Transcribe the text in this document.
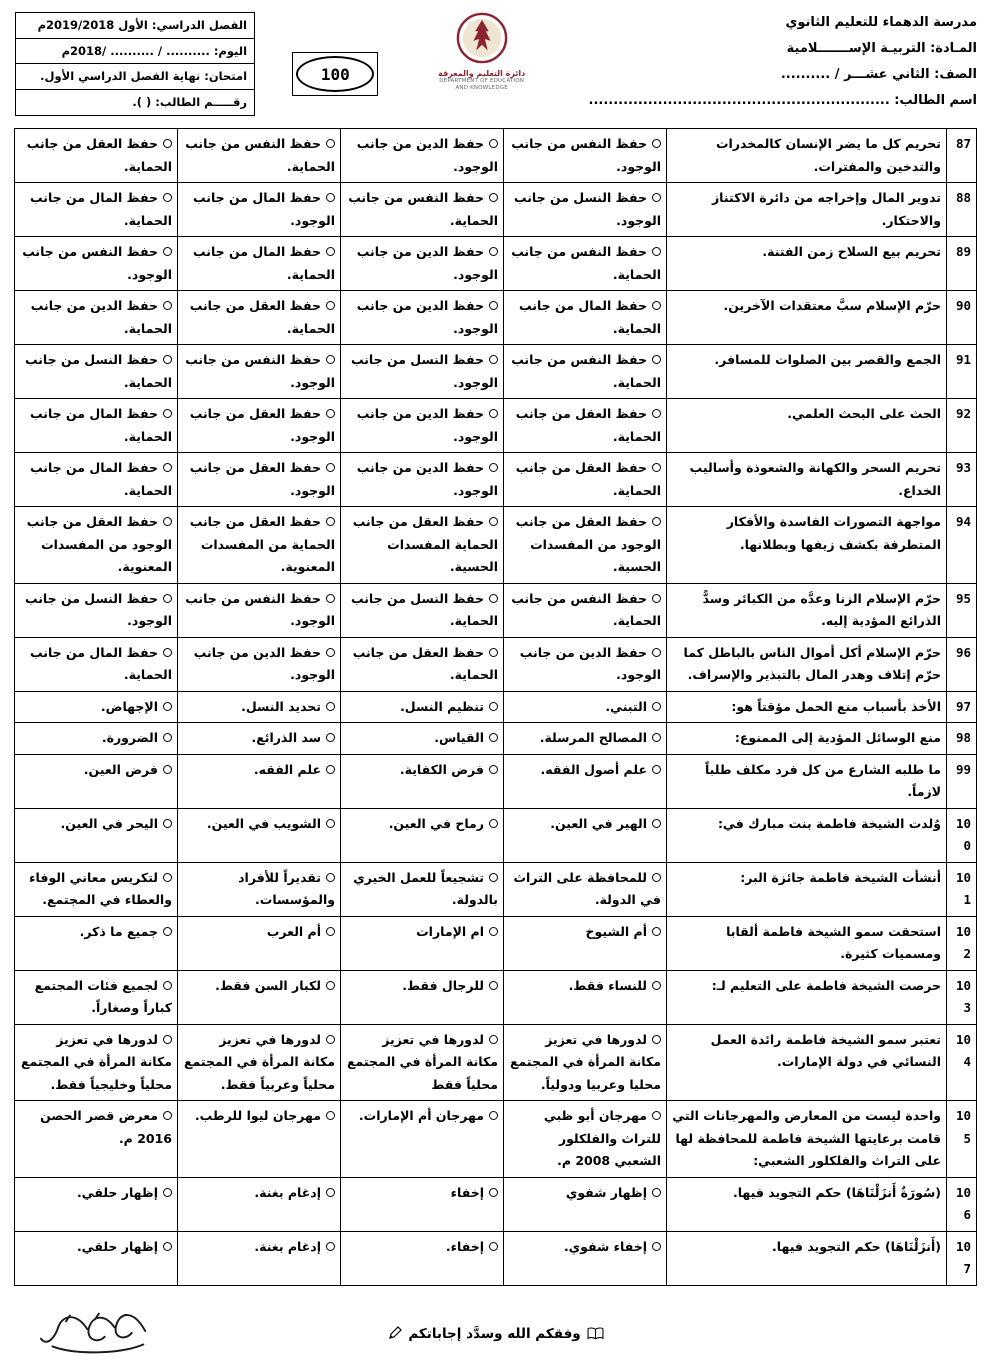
مدرسة الدهماء للتعليم الثانوي
المـادة: التربيـة الإســـــــلامية
الصف: الثاني عشـــر / ..........
اسم الطالب: .............................................................
دائرة التعليم والمعرفة
DEPARTMENT OF EDUCATION
AND KNOWLEDGE
100
الفصل الدراسي: الأول 2019/2018م
اليوم: .......... / .......... /2018م
امتحان: نهاية الفصل الدراسي الأول.
رقـــــم الطالب: ( ).
87	تحريم كل ما يضر الإنسان كالمخدرات والتدخين والمفترات.	حفظ النفس من جانب الوجود.	حفظ الدين من جانب الوجود.	حفظ النفس من جانب الحماية.	حفظ العقل من جانب الحماية.
88	تدوير المال وإخراجه من دائرة الاكتناز والاحتكار.	حفظ النسل من جانب الوجود.	حفظ النفس من جانب الحماية.	حفظ المال من جانب الوجود.	حفظ المال من جانب الحماية.
89	تحريم بيع السلاح زمن الفتنة.	حفظ النفس من جانب الحماية.	حفظ الدين من جانب الوجود.	حفظ المال من جانب الحماية.	حفظ النفس من جانب الوجود.
90	حرّم الإسلام سبَّ معتقدات الآخرين.	حفظ المال من جانب الحماية.	حفظ الدين من جانب الوجود.	حفظ العقل من جانب الحماية.	حفظ الدين من جانب الحماية.
91	الجمع والقصر بين الصلوات للمسافر.	حفظ النفس من جانب الحماية.	حفظ النسل من جانب الوجود.	حفظ النفس من جانب الوجود.	حفظ النسل من جانب الحماية.
92	الحث على البحث العلمي.	حفظ العقل من جانب الحماية.	حفظ الدين من جانب الوجود.	حفظ العقل من جانب الوجود.	حفظ المال من جانب الحماية.
93	تحريم السحر والكهانة والشعوذة وأساليب الخداع.	حفظ العقل من جانب الحماية.	حفظ الدين من جانب الوجود.	حفظ العقل من جانب الوجود.	حفظ المال من جانب الحماية.
94	مواجهة التصورات الفاسدة والأفكار المتطرفة بكشف زيفها وبطلانها.	حفظ العقل من جانب الوجود من المفسدات الحسية.	حفظ العقل من جانب الحماية المفسدات الحسية.	حفظ العقل من جانب الحماية من المفسدات المعنوية.	حفظ العقل من جانب الوجود من المفسدات المعنوية.
95	حرّم الإسلام الزنا وعدَّه من الكبائر وسدًّ الذرائع المؤدية إليه.	حفظ النفس من جانب الحماية.	حفظ النسل من جانب الحماية.	حفظ النفس من جانب الوجود.	حفظ النسل من جانب الوجود.
96	حرّم الإسلام أكل أموال الناس بالباطل كما حرّم إتلاف وهدر المال بالتبذير والإسراف.	حفظ الدين من جانب الوجود.	حفظ العقل من جانب الحماية.	حفظ الدين من جانب الوجود.	حفظ المال من جانب الحماية.
97	الأخذ بأسباب منع الحمل مؤقتاً هو:	التبني.	تنظيم النسل.	تحديد النسل.	الإجهاض.
98	منع الوسائل المؤدية إلى الممنوع:	المصالح المرسلة.	القياس.	سد الذرائع.	الضرورة.
99	ما طلبه الشارع من كل فرد مكلف طلباً لازماً.	علم أصول الفقه.	فرض الكفاية.	علم الفقه.	فرض العين.
100	وُلدت الشيخة فاطمة بنت مبارك في:	الهير في العين.	رماح في العين.	الشويب في العين.	اليحر في العين.
101	أنشأت الشيخة فاطمة جائزة البر:	للمحافظة على التراث في الدولة.	تشجيعاً للعمل الخيري بالدولة.	تقديراً للأفراد والمؤسسات.	لتكريس معاني الوفاء والعطاء في المجتمع.
102	استحقت سمو الشيخة فاطمة ألقابا ومسميات كثيرة.	أم الشيوخ	ام الإمارات	أم العرب	جميع ما ذكر.
103	حرصت الشيخة فاطمة على التعليم لـ:	للنساء فقط.	للرجال فقط.	لكبار السن فقط.	لجميع فئات المجتمع كباراً وصغاراً.
104	تعتبر سمو الشيخة فاطمة رائدة العمل النسائي في دولة الإمارات.	لدورها في تعزيز مكانة المرأة في المجتمع محليا وعربيا ودولياً.	لدورها في تعزيز مكانة المرأة في المجتمع محلياً فقط	لدورها في تعزيز مكانة المرأة في المجتمع محلياً وعربياً فقط.	لدورها في تعزيز مكانة المرأة في المجتمع محلياً وخليجياً فقط.
105	واحدة ليست من المعارض والمهرجانات التي قامت برعايتها الشيخة فاطمة للمحافظة لها على التراث والفلكلور الشعبي:	مهرجان أبو ظبي للتراث والفلكلور الشعبي 2008 م.	مهرجان أم الإمارات.	مهرجان ليوا للرطب.	معرض قصر الحصن 2016 م.
106	(سُورَةٌ أَنزَلْنَاهَا) حكم التجويد فيها.	إظهار شفوي	إخفاء	إدغام بغنة.	إظهار حلقي.
107	(أَنزَلْنَاهَا) حكم التجويد فيها.	إخفاء شفوي.	إخفاء.	إدغام بغنة.	إظهار حلقي.
وفقكم الله وسدَّد إجاباتكم
